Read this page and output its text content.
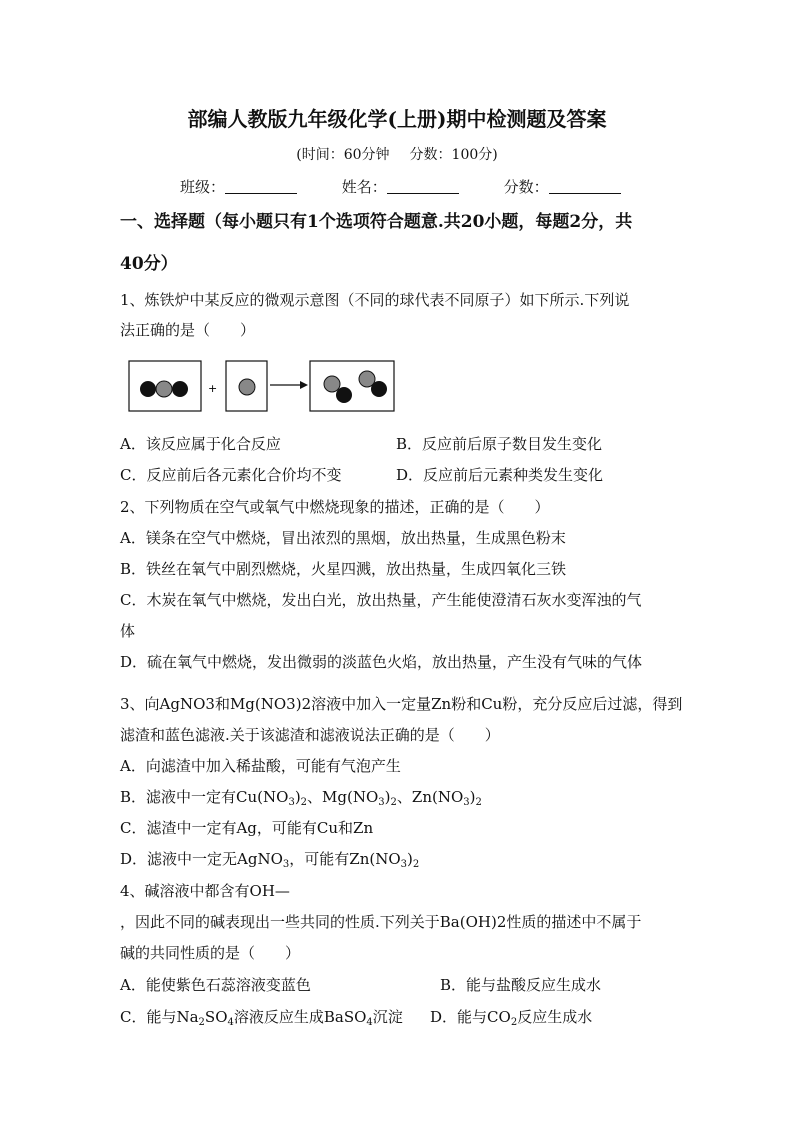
部编人教版九年级化学(上册)期中检测题及答案
(时间：60分钟 分数：100分)
班级：	姓名：	分数：
一、选择题（每小题只有1个选项符合题意.共20小题，每题2分，共
40分）
1、炼铁炉中某反应的微观示意图（不同的球代表不同原子）如下所示.下列说
法正确的是（　　）
+
A．该反应属于化合反应	B．反应前后原子数目发生变化
C．反应前后各元素化合价均不变	D．反应前后元素种类发生变化
2、下列物质在空气或氧气中燃烧现象的描述，正确的是（　　）
A．镁条在空气中燃烧，冒出浓烈的黑烟，放出热量，生成黑色粉末
B．铁丝在氧气中剧烈燃烧，火星四溅，放出热量，生成四氧化三铁
C．木炭在氧气中燃烧，发出白光，放出热量，产生能使澄清石灰水变浑浊的气
体
D．硫在氧气中燃烧，发出微弱的淡蓝色火焰，放出热量，产生没有气味的气体
3、向AgNO3和Mg(NO3)2溶液中加入一定量Zn粉和Cu粉，充分反应后过滤，得到
滤渣和蓝色滤液.关于该滤渣和滤液说法正确的是（　　）
A．向滤渣中加入稀盐酸，可能有气泡产生
B．滤液中一定有$Cu(NO_3)_2$、$Mg(NO_3)_2$、$Zn(NO_3)_2$
C．滤渣中一定有Ag，可能有Cu和Zn
D．滤液中一定无AgNO$_3$，可能有$Zn(NO_3)_2$
4、碱溶液中都含有OH—
，因此不同的碱表现出一些共同的性质.下列关于Ba(OH)2性质的描述中不属于
碱的共同性质的是（　　）
A．能使紫色石蕊溶液变蓝色	B．能与盐酸反应生成水
C．能与$Na_2SO_4$溶液反应生成BaSO$_4$沉淀 D．能与$CO_2$反应生成水
